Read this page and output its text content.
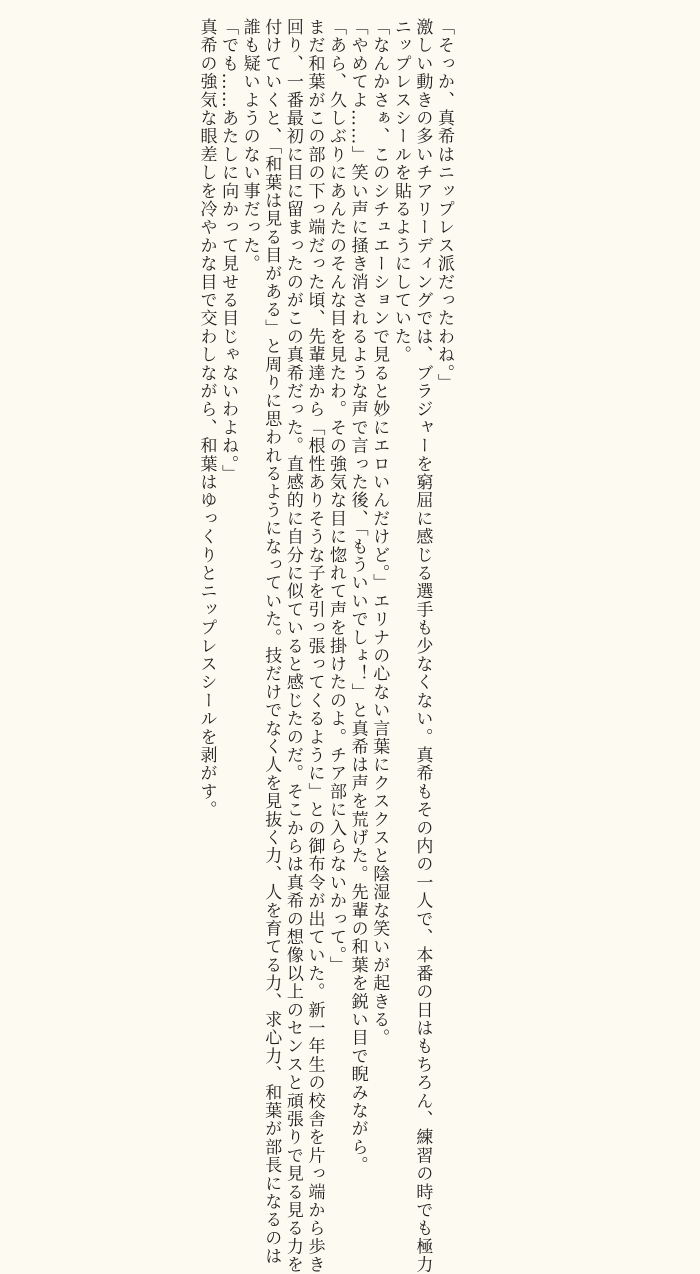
「そっか、真希はニップレス派だったわね。」
激しい動きの多いチアリーディングでは、ブラジャーを窮屈に感じる選手も少なくない。真希もその内の一人で、本番の日はもちろん、練習の時でも極力
ニップレスシールを貼るようにしていた。
「なんかさぁ、このシチュエーションで見ると妙にエロいんだけど。」エリナの心ない言葉にクスクスと陰湿な笑いが起きる。
「やめてよ……」笑い声に掻き消されるような声で言った後、「もういいでしょ！」と真希は声を荒げた。先輩の和葉を鋭い目で睨みながら。
「あら、久しぶりにあんたのそんな目を見たわ。その強気な目に惚れて声を掛けたのよ。チア部に入らないかって。」
まだ和葉がこの部の下っ端だった頃、先輩達から「根性ありそうな子を引っ張ってくるように」との御布令が出ていた。新一年生の校舎を片っ端から歩き
回り、一番最初に目に留まったのがこの真希だった。直感的に自分に似ていると感じたのだ。そこからは真希の想像以上のセンスと頑張りで見る見る力を
付けていくと、「和葉は見る目がある」と周りに思われるようになっていた。技だけでなく人を見抜く力、人を育てる力、求心力、和葉が部長になるのは
誰も疑いようのない事だった。
「でも……あたしに向かって見せる目じゃないわよね。」
真希の強気な眼差しを冷やかな目で交わしながら、和葉はゆっくりとニップレスシールを剥がす。
